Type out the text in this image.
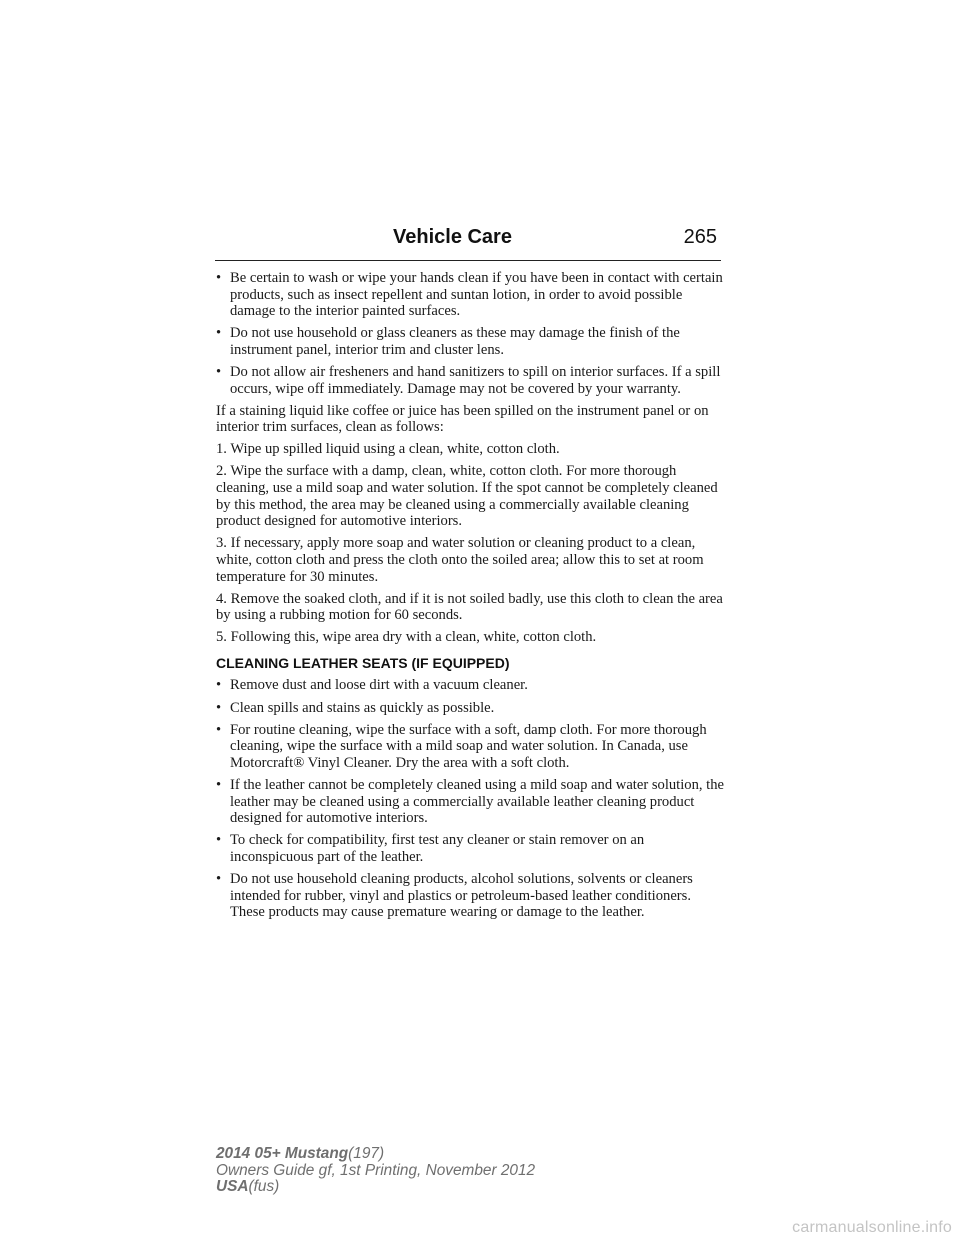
Vehicle Care	265
• Be certain to wash or wipe your hands clean if you have been in contact with certain products, such as insect repellent and suntan lotion, in order to avoid possible damage to the interior painted surfaces.
• Do not use household or glass cleaners as these may damage the finish of the instrument panel, interior trim and cluster lens.
• Do not allow air fresheners and hand sanitizers to spill on interior surfaces. If a spill occurs, wipe off immediately. Damage may not be covered by your warranty.

If a staining liquid like coffee or juice has been spilled on the instrument panel or on interior trim surfaces, clean as follows:

1. Wipe up spilled liquid using a clean, white, cotton cloth.

2. Wipe the surface with a damp, clean, white, cotton cloth. For more thorough cleaning, use a mild soap and water solution. If the spot cannot be completely cleaned by this method, the area may be cleaned using a commercially available cleaning product designed for automotive interiors.

3. If necessary, apply more soap and water solution or cleaning product to a clean, white, cotton cloth and press the cloth onto the soiled area; allow this to set at room temperature for 30 minutes.

4. Remove the soaked cloth, and if it is not soiled badly, use this cloth to clean the area by using a rubbing motion for 60 seconds.

5. Following this, wipe area dry with a clean, white, cotton cloth.

CLEANING LEATHER SEATS (IF EQUIPPED)
• Remove dust and loose dirt with a vacuum cleaner.
• Clean spills and stains as quickly as possible.
• For routine cleaning, wipe the surface with a soft, damp cloth. For more thorough cleaning, wipe the surface with a mild soap and water solution. In Canada, use Motorcraft® Vinyl Cleaner. Dry the area with a soft cloth.
• If the leather cannot be completely cleaned using a mild soap and water solution, the leather may be cleaned using a commercially available leather cleaning product designed for automotive interiors.
• To check for compatibility, first test any cleaner or stain remover on an inconspicuous part of the leather.
• Do not use household cleaning products, alcohol solutions, solvents or cleaners intended for rubber, vinyl and plastics or petroleum-based leather conditioners. These products may cause premature wearing or damage to the leather.
2014 05+ Mustang(197)
Owners Guide gf, 1st Printing, November 2012
USA(fus)
carmanualsonline.info
